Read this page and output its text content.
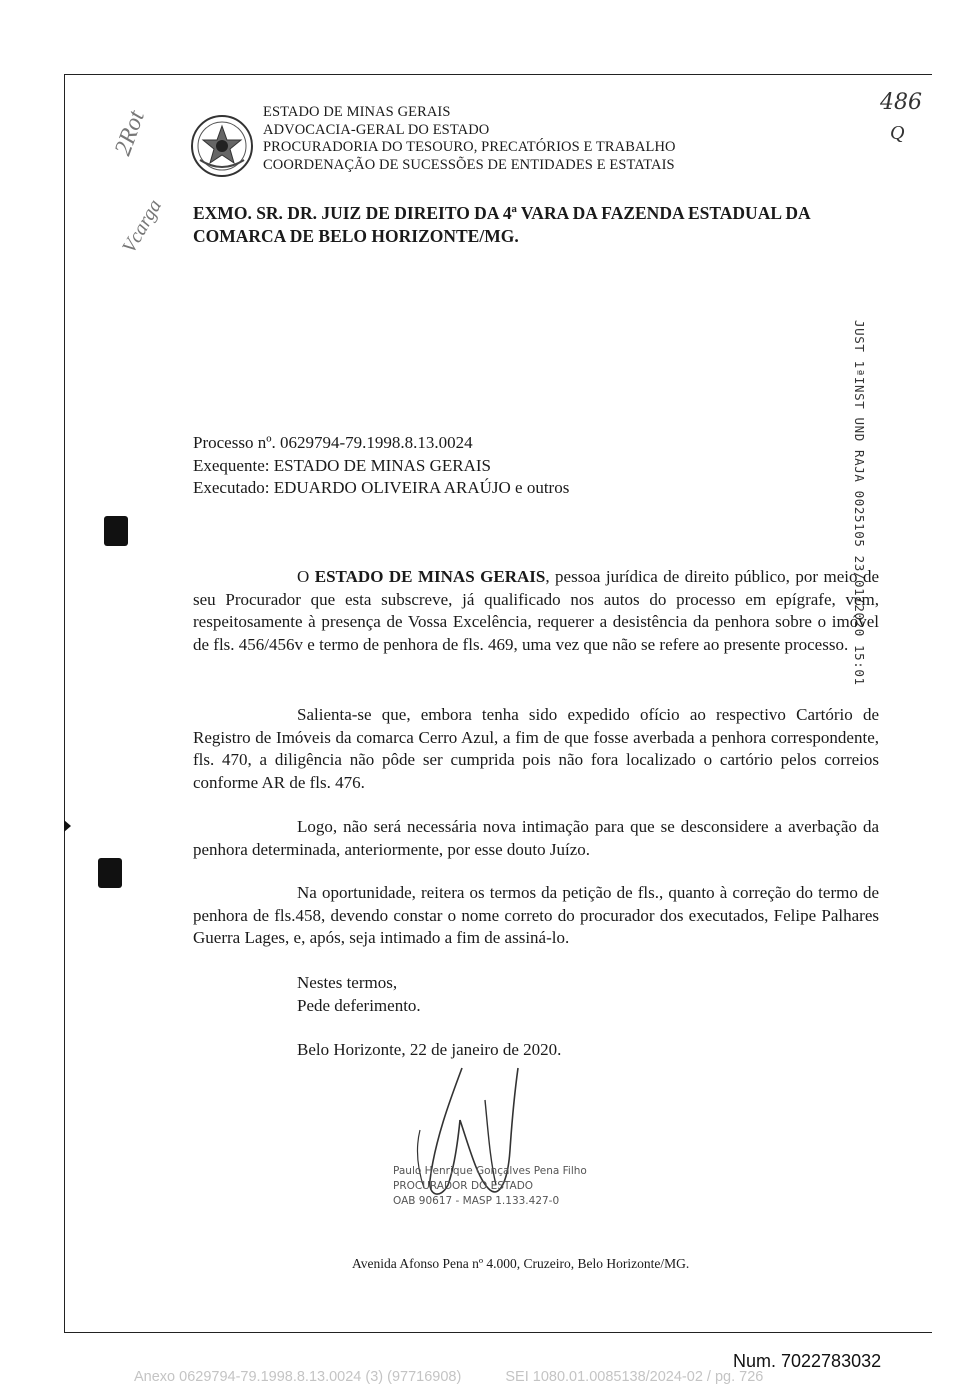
ESTADO DE MINAS GERAIS
ADVOCACIA-GERAL DO ESTADO
PROCURADORIA DO TESOURO, PRECATÓRIOS E TRABALHO
COORDENAÇÃO DE SUCESSÕES DE ENTIDADES E ESTATAIS
486
Q
2Rot
Vcarga EXMO. SR. DR. JUIZ DE DIREITO DA 4ª VARA DA FAZENDA ESTADUAL DA COMARCA DE BELO HORIZONTE/MG.
JUST 1ªINST UND RAJA 0025105 23/01/2020 15:01
Processo nº. 0629794-79.1998.8.13.0024
Exequente: ESTADO DE MINAS GERAIS
Executado: EDUARDO OLIVEIRA ARAÚJO e outros

O ESTADO DE MINAS GERAIS, pessoa jurídica de direito público, por meio de seu Procurador que esta subscreve, já qualificado nos autos do processo em epígrafe, vem, respeitosamente à presença de Vossa Excelência, requerer a desistência da penhora sobre o imóvel de fls. 456/456v e termo de penhora de fls. 469, uma vez que não se refere ao presente processo.

Salienta-se que, embora tenha sido expedido ofício ao respectivo Cartório de Registro de Imóveis da comarca Cerro Azul, a fim de que fosse averbada a penhora correspondente, fls. 470, a diligência não pôde ser cumprida pois não fora localizado o cartório pelos correios conforme AR de fls. 476.

Logo, não será necessária nova intimação para que se desconsidere a averbação da penhora determinada, anteriormente, por esse douto Juízo.

Na oportunidade, reitera os termos da petição de fls., quanto à correção do termo de penhora de fls.458, devendo constar o nome correto do procurador dos executados, Felipe Palhares Guerra Lages, e, após, seja intimado a fim de assiná-lo.

Nestes termos,
Pede deferimento.
Belo Horizonte, 22 de janeiro de 2020.
Paulo Henrique Gonçalves Pena Filho
PROCURADOR DO ESTADO
OAB 90617 - MASP 1.133.427-0
Avenida Afonso Pena nº 4.000, Cruzeiro, Belo Horizonte/MG.
Num. 7022783032
Anexo 0629794-79.1998.8.13.0024 (3) (97716908)	SEI 1080.01.0085138/2024-02 / pg. 726
